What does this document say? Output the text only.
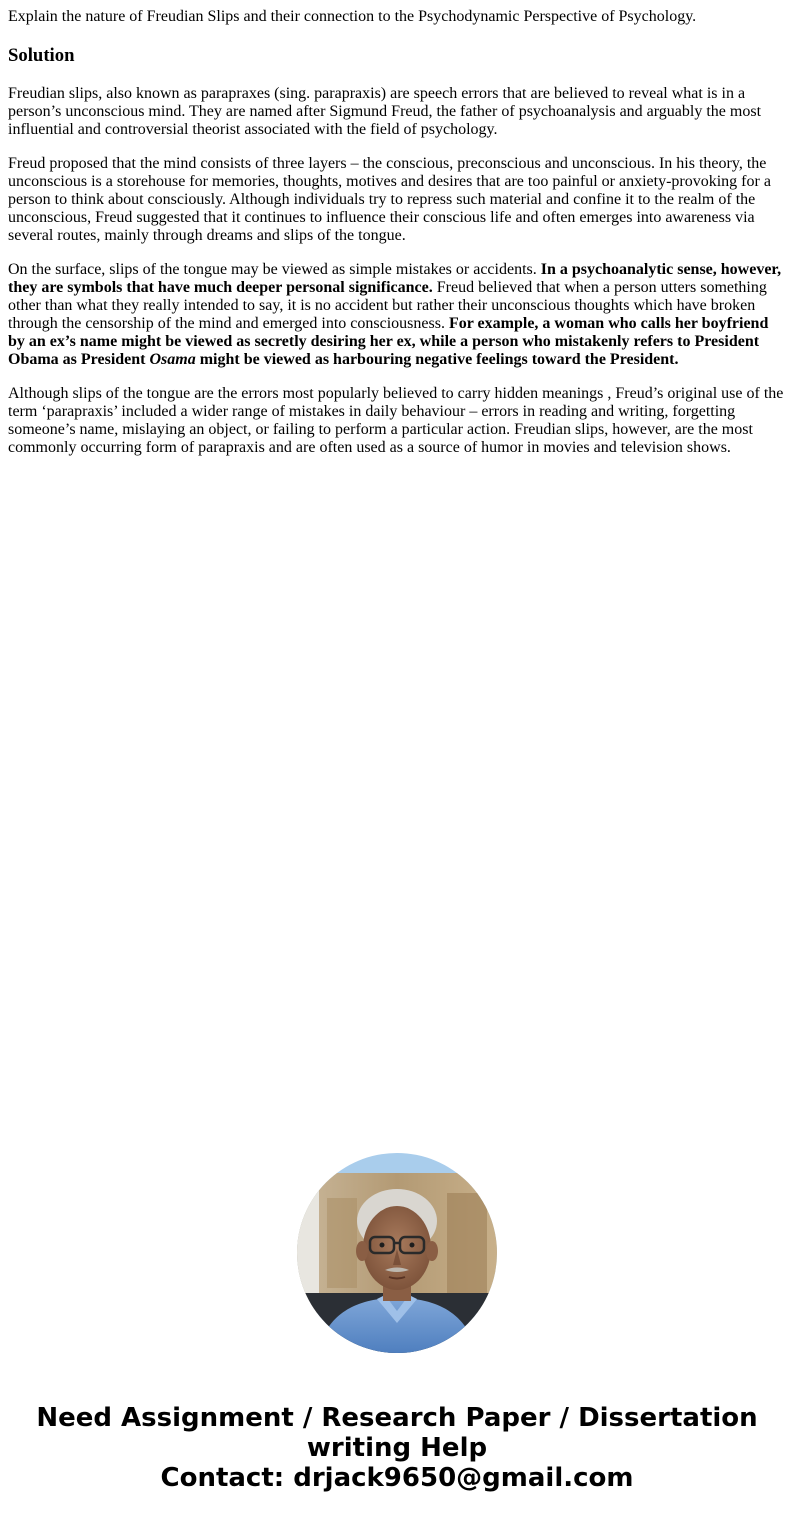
Explain the nature of Freudian Slips and their connection to the Psychodynamic Perspective of Psychology.
Solution

Freudian slips, also known as parapraxes (sing. parapraxis) are speech errors that are believed to reveal what is in a person’s unconscious mind. They are named after Sigmund Freud, the father of psychoanalysis and arguably the most influential and controversial theorist associated with the field of psychology.

Freud proposed that the mind consists of three layers – the conscious, preconscious and unconscious. In his theory, the unconscious is a storehouse for memories, thoughts, motives and desires that are too painful or anxiety-provoking for a person to think about consciously. Although individuals try to repress such material and confine it to the realm of the unconscious, Freud suggested that it continues to influence their conscious life and often emerges into awareness via several routes, mainly through dreams and slips of the tongue.

On the surface, slips of the tongue may be viewed as simple mistakes or accidents. In a psychoanalytic sense, however, they are symbols that have much deeper personal significance. Freud believed that when a person utters something other than what they really intended to say, it is no accident but rather their unconscious thoughts which have broken through the censorship of the mind and emerged into consciousness. For example, a woman who calls her boyfriend by an ex’s name might be viewed as secretly desiring her ex, while a person who mistakenly refers to President Obama as President Osama might be viewed as harbouring negative feelings toward the President.

Although slips of the tongue are the errors most popularly believed to carry hidden meanings , Freud’s original use of the term ‘parapraxis’ included a wider range of mistakes in daily behaviour – errors in reading and writing, forgetting someone’s name, mislaying an object, or failing to perform a particular action. Freudian slips, however, are the most commonly occurring form of parapraxis and are often used as a source of humor in movies and television shows.

Need Assignment / Research Paper / Dissertation
writing Help
Contact: drjack9650@gmail.com
